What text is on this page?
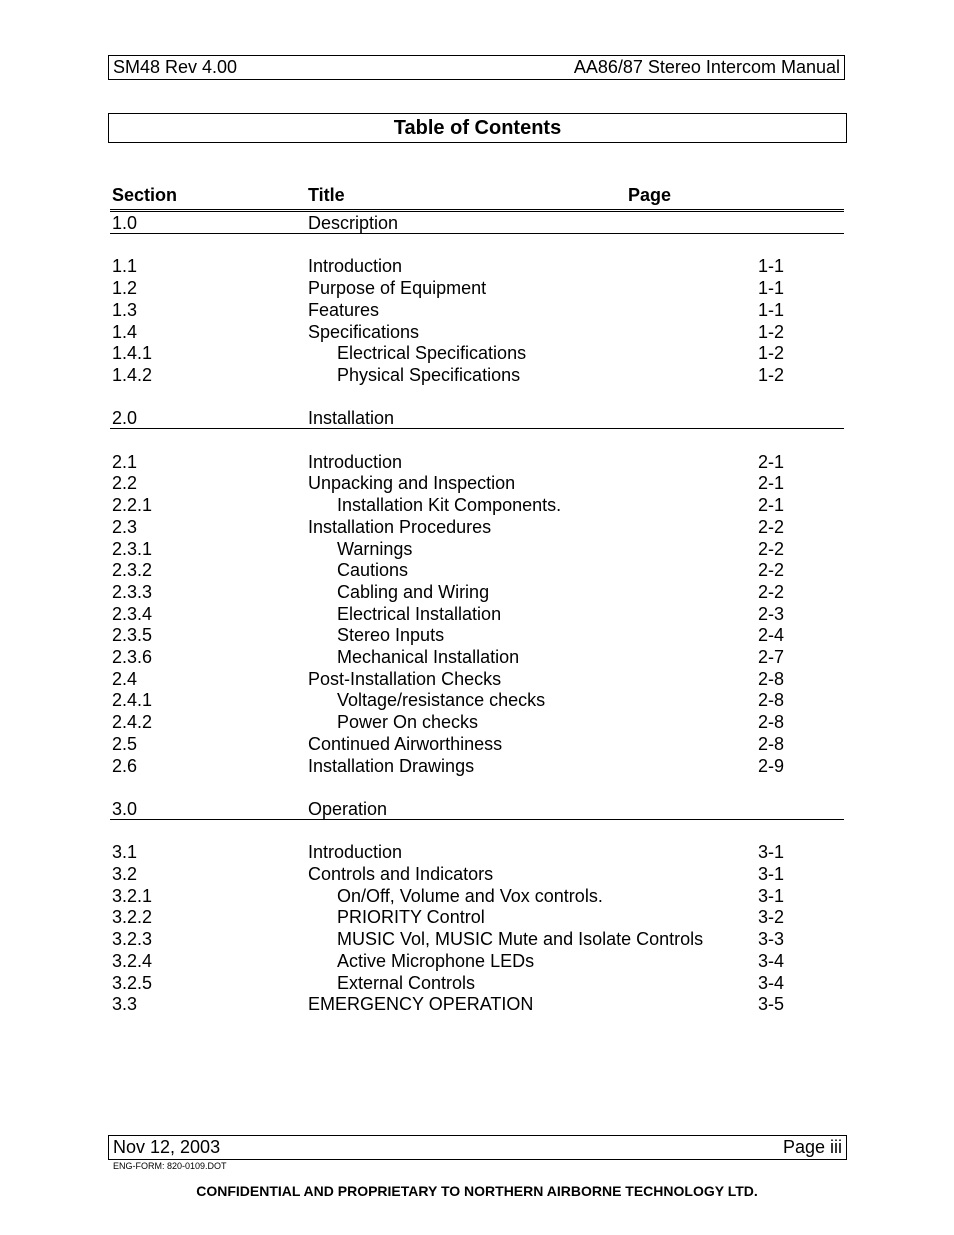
SM48 Rev 4.00	AA86/87 Stereo Intercom Manual
Table of Contents
Section	Title	Page
1.0	Description
1.1	Introduction	1-1
1.2	Purpose of Equipment	1-1
1.3	Features	1-1
1.4	Specifications	1-2
1.4.1	Electrical Specifications	1-2
1.4.2	Physical Specifications	1-2
2.0	Installation
2.1	Introduction	2-1
2.2	Unpacking and Inspection	2-1
2.2.1	Installation Kit Components.	2-1
2.3	Installation Procedures	2-2
2.3.1	Warnings	2-2
2.3.2	Cautions	2-2
2.3.3	Cabling and Wiring	2-2
2.3.4	Electrical Installation	2-3
2.3.5	Stereo Inputs	2-4
2.3.6	Mechanical Installation	2-7
2.4	Post-Installation Checks	2-8
2.4.1	Voltage/resistance checks	2-8
2.4.2	Power On checks	2-8
2.5	Continued Airworthiness	2-8
2.6	Installation Drawings	2-9
3.0	Operation
3.1	Introduction	3-1
3.2	Controls and Indicators	3-1
3.2.1	On/Off, Volume and Vox controls.	3-1
3.2.2	PRIORITY Control	3-2
3.2.3	MUSIC Vol, MUSIC Mute and Isolate Controls	3-3
3.2.4	Active Microphone LEDs	3-4
3.2.5	External Controls	3-4
3.3	EMERGENCY OPERATION	3-5
Nov 12, 2003	Page iii
ENG-FORM: 820-0109.DOT
CONFIDENTIAL AND PROPRIETARY TO NORTHERN AIRBORNE TECHNOLOGY LTD.
